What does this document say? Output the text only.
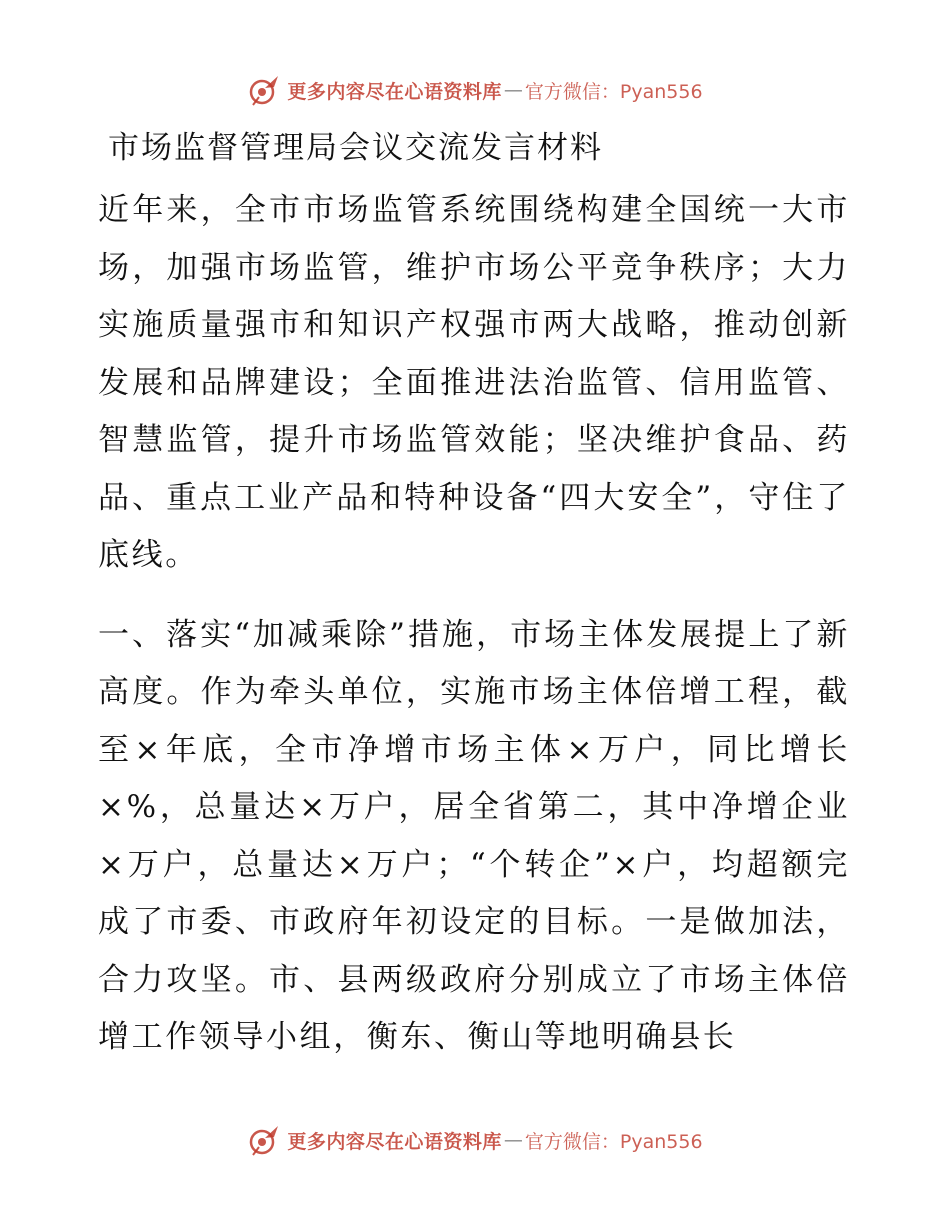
更多内容尽在心语资料库 — 官方微信：Pyan556
市场监督管理局会议交流发言材料

近年来，全市市场监管系统围绕构建全国统一大市场，加强市场监管，维护市场公平竞争秩序；大力实施质量强市和知识产权强市两大战略，推动创新发展和品牌建设；全面推进法治监管、信用监管、智慧监管，提升市场监管效能；坚决维护食品、药品、重点工业产品和特种设备“四大安全”，守住了底线。

一、落实“加减乘除”措施，市场主体发展提上了新高度。作为牵头单位，实施市场主体倍增工程，截至×年底，全市净增市场主体×万户，同比增长×%，总量达×万户，居全省第二，其中净增企业×万户，总量达×万户；“个转企”×户，均超额完成了市委、市政府年初设定的目标。一是做加法，合力攻坚。市、县两级政府分别成立了市场主体倍增工作领导小组，衡东、衡山等地明确县长

更多内容尽在心语资料库 — 官方微信：Pyan556
